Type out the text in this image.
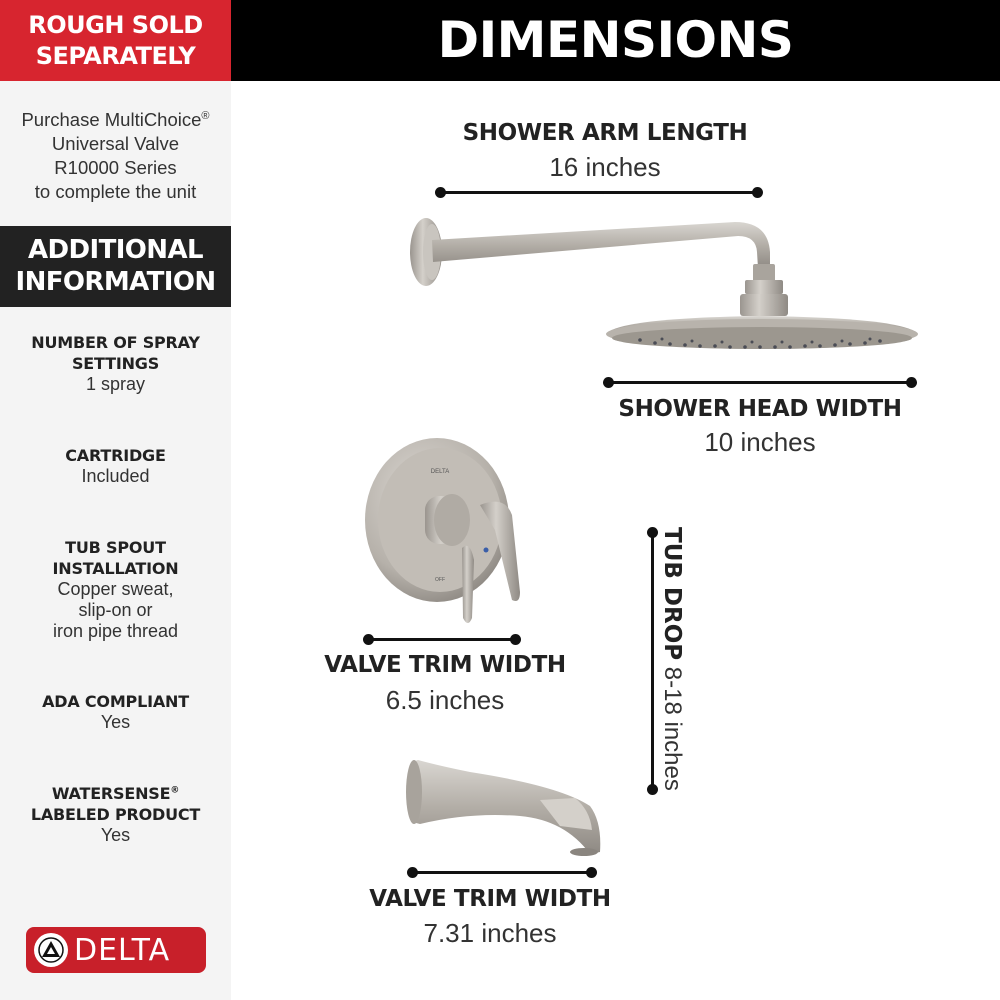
ROUGH SOLD
SEPARATELY
Purchase MultiChoice®
Universal Valve
R10000 Series
to complete the unit
ADDITIONAL
INFORMATION
NUMBER OF SPRAY
SETTINGS
1 spray
CARTRIDGE
Included
TUB SPOUT
INSTALLATION
Copper sweat,
slip-on or
iron pipe thread
ADA COMPLIANT
Yes
WATERSENSE®
LABELED PRODUCT
Yes
DELTA
DIMENSIONS
DELTA
OFF
SHOWER ARM LENGTH
16 inches
SHOWER HEAD WIDTH
10 inches
VALVE TRIM WIDTH
6.5 inches
TUB DROP 8-18 inches
VALVE TRIM WIDTH
7.31 inches
